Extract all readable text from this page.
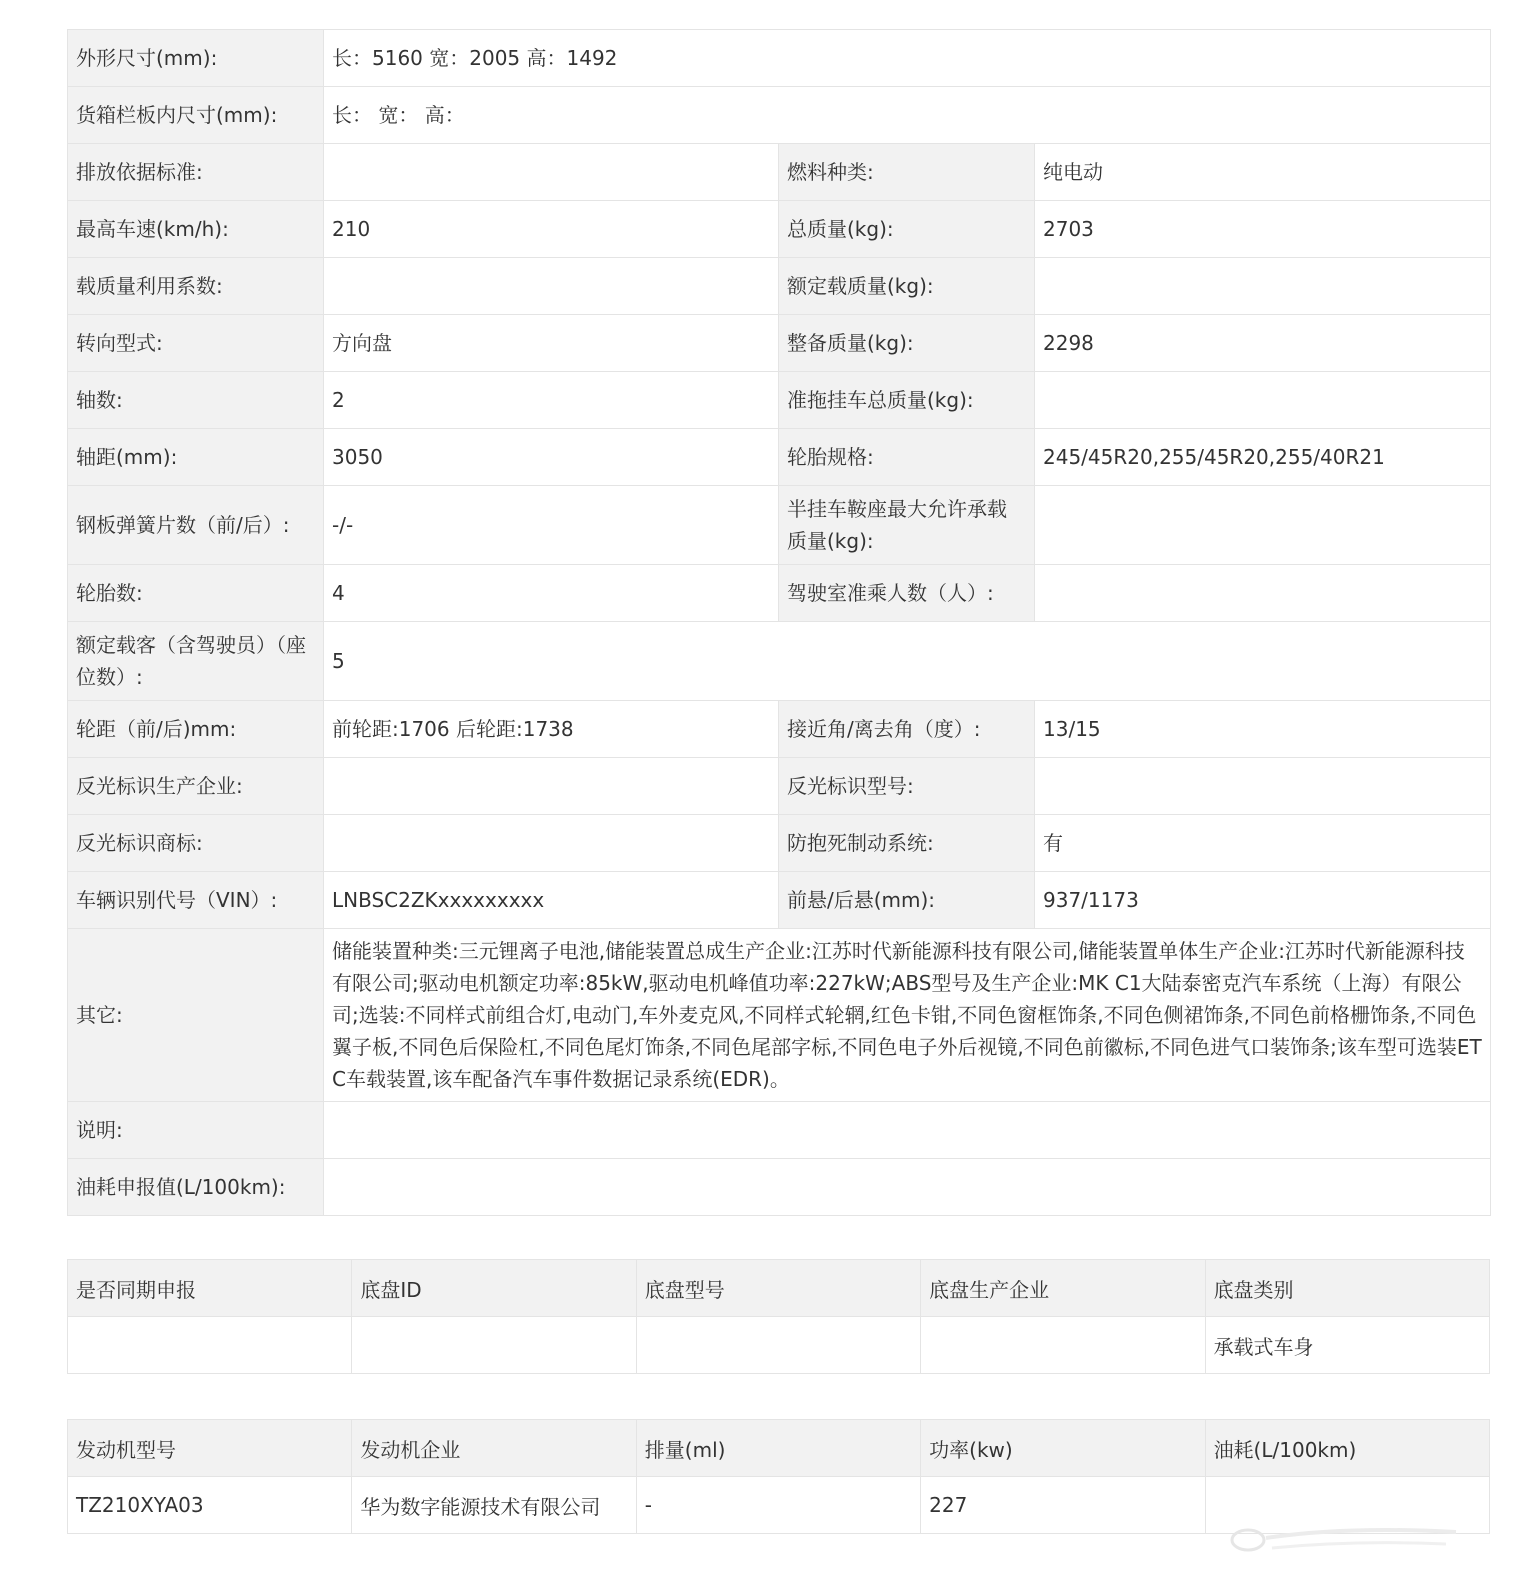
外形尺寸(mm):	长：5160 宽：2005 高：1492		
货箱栏板内尺寸(mm):	长： 宽： 高：		
排放依据标准:		燃料种类:	纯电动
最高车速(km/h):	210	总质量(kg):	2703
载质量利用系数:		额定载质量(kg):	
转向型式:	方向盘	整备质量(kg):	2298
轴数:	2	准拖挂车总质量(kg):	
轴距(mm):	3050	轮胎规格:	245/45R20,255/45R20,255/40R21
钢板弹簧片数（前/后）:	-/-	半挂车鞍座最大允许承载质量(kg):	
轮胎数:	4	驾驶室准乘人数（人）:	
额定载客（含驾驶员）（座位数）:	5		
轮距（前/后)mm:	前轮距:1706 后轮距:1738	接近角/离去角（度）:	13/15
反光标识生产企业:		反光标识型号:	
反光标识商标:		防抱死制动系统:	有
车辆识别代号（VIN）:	LNBSC2ZKxxxxxxxxx	前悬/后悬(mm):	937/1173
其它:	储能装置种类:三元锂离子电池,储能装置总成生产企业:江苏时代新能源科技有限公司,储能装置单体生产企业:江苏时代新能源科技有限公司;驱动电机额定功率:85kW,驱动电机峰值功率:227kW;ABS型号及生产企业:MK C1大陆泰密克汽车系统（上海）有限公司;选装:不同样式前组合灯,电动门,车外麦克风,不同样式轮辋,红色卡钳,不同色窗框饰条,不同色侧裙饰条,不同色前格栅饰条,不同色翼子板,不同色后保险杠,不同色尾灯饰条,不同色尾部字标,不同色电子外后视镜,不同色前徽标,不同色进气口装饰条;该车型可选装ETC车载装置,该车配备汽车事件数据记录系统(EDR)。		
说明:			
油耗申报值(L/100km):			
是否同期申报	底盘ID	底盘型号	底盘生产企业	底盘类别
				承载式车身
发动机型号	发动机企业	排量(ml)	功率(kw)	油耗(L/100km)
TZ210XYA03	华为数字能源技术有限公司	-	227	
